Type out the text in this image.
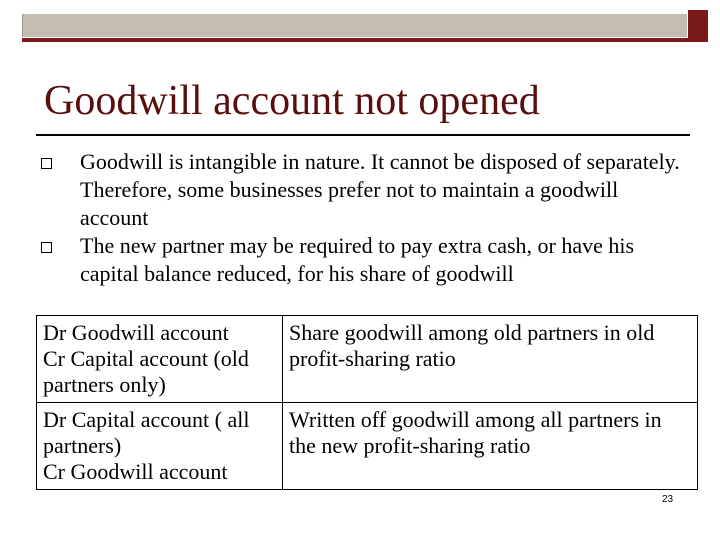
Goodwill account not opened
Goodwill is intangible in nature. It cannot be disposed of separately. Therefore, some businesses prefer not to maintain a goodwill account
The new partner may be required to pay extra cash, or have his capital balance reduced, for his share of goodwill
Dr Goodwill account
Cr Capital account (old partners only)	Share goodwill among old partners in old profit-sharing ratio

Dr Capital account ( all partners)
Cr Goodwill account	Written off goodwill among all partners in the new profit-sharing ratio
23
